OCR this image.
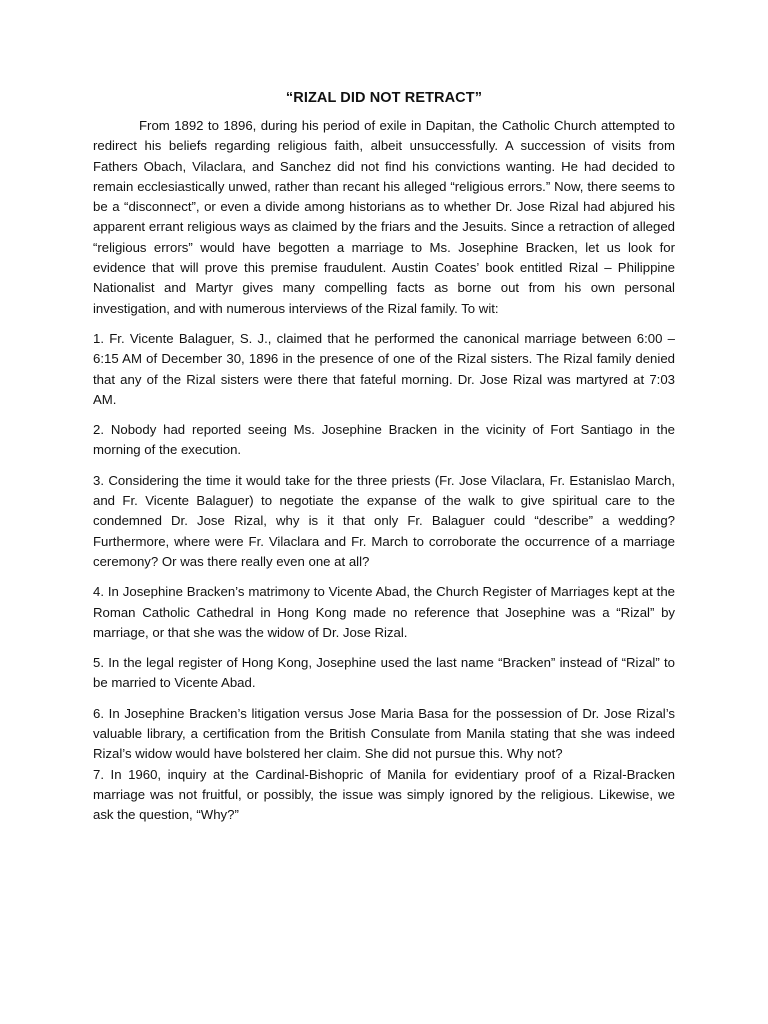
“RIZAL DID NOT RETRACT”

From 1892 to 1896, during his period of exile in Dapitan, the Catholic Church attempted to redirect his beliefs regarding religious faith, albeit unsuccessfully. A succession of visits from Fathers Obach, Vilaclara, and Sanchez did not find his convictions wanting. He had decided to remain ecclesiastically unwed, rather than recant his alleged “religious errors.” Now, there seems to be a “disconnect”, or even a divide among historians as to whether Dr. Jose Rizal had abjured his apparent errant religious ways as claimed by the friars and the Jesuits. Since a retraction of alleged “religious errors” would have begotten a marriage to Ms. Josephine Bracken, let us look for evidence that will prove this premise fraudulent. Austin Coates’ book entitled Rizal – Philippine Nationalist and Martyr gives many compelling facts as borne out from his own personal investigation, and with numerous interviews of the Rizal family. To wit:

1. Fr. Vicente Balaguer, S. J., claimed that he performed the canonical marriage between 6:00 – 6:15 AM of December 30, 1896 in the presence of one of the Rizal sisters. The Rizal family denied that any of the Rizal sisters were there that fateful morning. Dr. Jose Rizal was martyred at 7:03 AM.

2. Nobody had reported seeing Ms. Josephine Bracken in the vicinity of Fort Santiago in the morning of the execution.

3. Considering the time it would take for the three priests (Fr. Jose Vilaclara, Fr. Estanislao March, and Fr. Vicente Balaguer) to negotiate the expanse of the walk to give spiritual care to the condemned Dr. Jose Rizal, why is it that only Fr. Balaguer could “describe” a wedding? Furthermore, where were Fr. Vilaclara and Fr. March to corroborate the occurrence of a marriage ceremony? Or was there really even one at all?

4. In Josephine Bracken’s matrimony to Vicente Abad, the Church Register of Marriages kept at the Roman Catholic Cathedral in Hong Kong made no reference that Josephine was a “Rizal” by marriage, or that she was the widow of Dr. Jose Rizal.

5. In the legal register of Hong Kong, Josephine used the last name “Bracken” instead of “Rizal” to be married to Vicente Abad.

6. In Josephine Bracken’s litigation versus Jose Maria Basa for the possession of Dr. Jose Rizal’s valuable library, a certification from the British Consulate from Manila stating that she was indeed Rizal’s widow would have bolstered her claim. She did not pursue this. Why not?

7. In 1960, inquiry at the Cardinal-Bishopric of Manila for evidentiary proof of a Rizal-Bracken marriage was not fruitful, or possibly, the issue was simply ignored by the religious. Likewise, we ask the question, “Why?”
